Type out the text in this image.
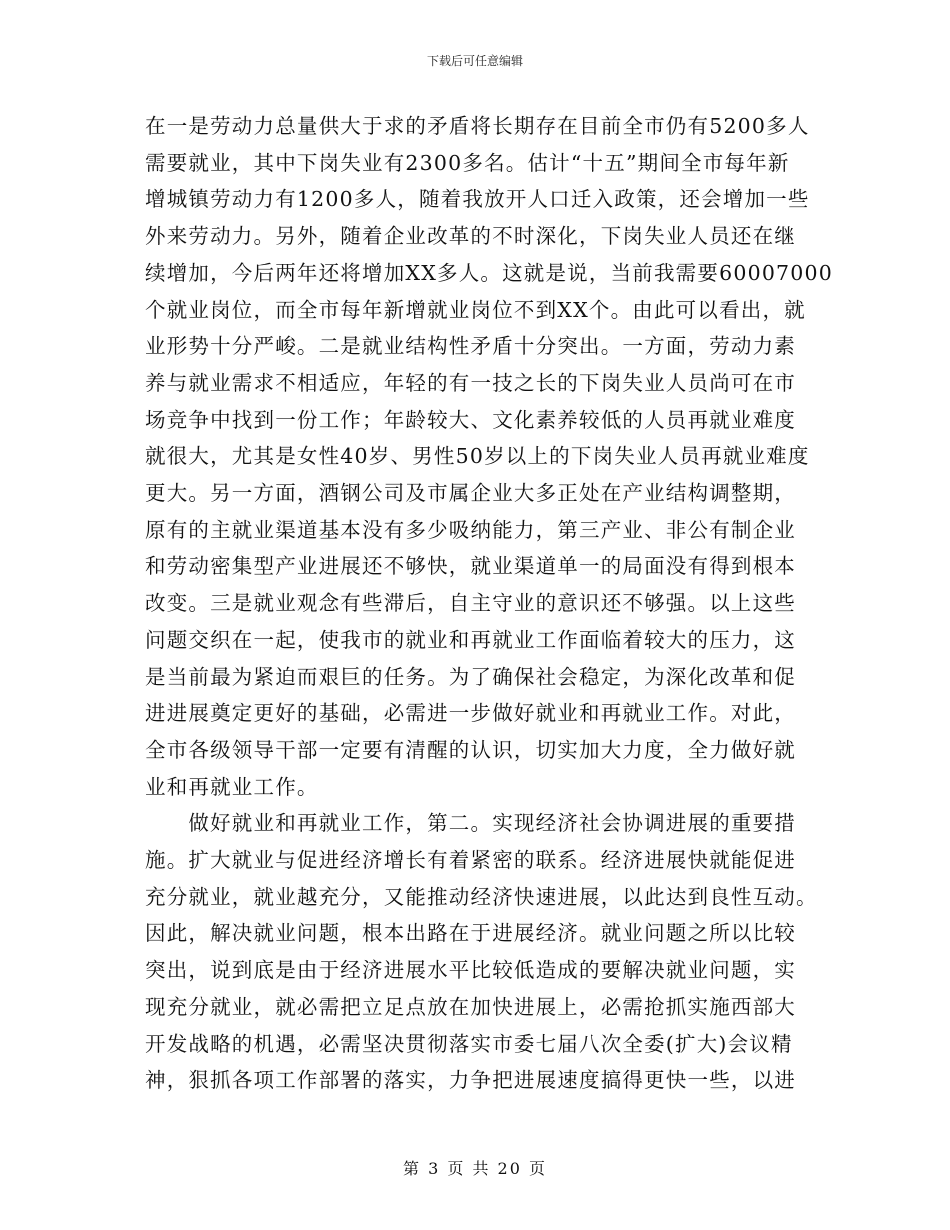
下载后可任意编辑
在一是劳动力总量供大于求的矛盾将长期存在目前全市仍有5200多人
需要就业，其中下岗失业有2300多名。估计“十五”期间全市每年新
增城镇劳动力有1200多人，随着我放开人口迁入政策，还会增加一些
外来劳动力。另外，随着企业改革的不时深化，下岗失业人员还在继
续增加，今后两年还将增加XX多人。这就是说，当前我需要60007000
个就业岗位，而全市每年新增就业岗位不到XX个。由此可以看出，就
业形势十分严峻。二是就业结构性矛盾十分突出。一方面，劳动力素
养与就业需求不相适应，年轻的有一技之长的下岗失业人员尚可在市
场竞争中找到一份工作；年龄较大、文化素养较低的人员再就业难度
就很大，尤其是女性40岁、男性50岁以上的下岗失业人员再就业难度
更大。另一方面，酒钢公司及市属企业大多正处在产业结构调整期，
原有的主就业渠道基本没有多少吸纳能力，第三产业、非公有制企业
和劳动密集型产业进展还不够快，就业渠道单一的局面没有得到根本
改变。三是就业观念有些滞后，自主守业的意识还不够强。以上这些
问题交织在一起，使我市的就业和再就业工作面临着较大的压力，这
是当前最为紧迫而艰巨的任务。为了确保社会稳定，为深化改革和促
进进展奠定更好的基础，必需进一步做好就业和再就业工作。对此，
全市各级领导干部一定要有清醒的认识，切实加大力度，全力做好就
业和再就业工作。
　　做好就业和再就业工作，第二。实现经济社会协调进展的重要措
施。扩大就业与促进经济增长有着紧密的联系。经济进展快就能促进
充分就业，就业越充分，又能推动经济快速进展，以此达到良性互动。
因此，解决就业问题，根本出路在于进展经济。就业问题之所以比较
突出，说到底是由于经济进展水平比较低造成的要解决就业问题，实
现充分就业，就必需把立足点放在加快进展上，必需抢抓实施西部大
开发战略的机遇，必需坚决贯彻落实市委七届八次全委(扩大)会议精
神，狠抓各项工作部署的落实，力争把进展速度搞得更快一些，以进
第 3 页 共 20 页
